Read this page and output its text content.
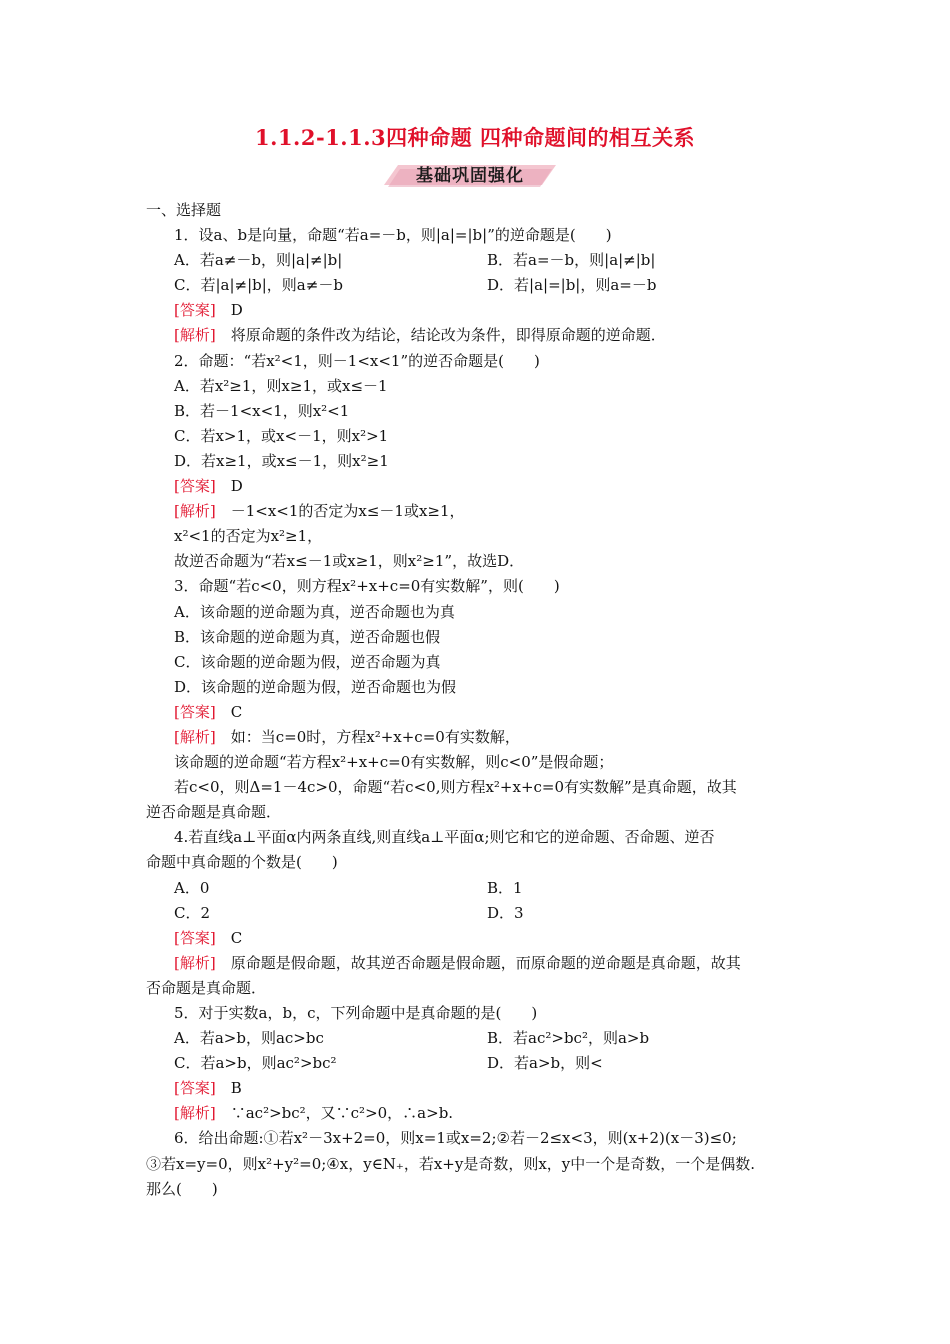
1.1.2-1.1.3四种命题 四种命题间的相互关系
基础巩固强化
一、选择题
1．设a、b是向量，命题“若a=－b，则|a|=|b|”的逆命题是(　　)
A．若a≠－b，则|a|≠|b|	B．若a=－b，则|a|≠|b|
C．若|a|≠|b|，则a≠－b	D．若|a|=|b|，则a=－b
[答案]　D
[解析]　将原命题的条件改为结论，结论改为条件，即得原命题的逆命题．
2．命题：“若x²<1，则－1<x<1”的逆否命题是(　　)
A．若x²≥1，则x≥1，或x≤－1
B．若－1<x<1，则x²<1
C．若x>1，或x<－1，则x²>1
D．若x≥1，或x≤－1，则x²≥1
[答案]　D
[解析]　－1<x<1的否定为x≤－1或x≥1，
x²<1的否定为x²≥1，
故逆否命题为“若x≤－1或x≥1，则x²≥1”，故选D．
3．命题“若c<0，则方程x²+x+c=0有实数解”，则(　　)
A．该命题的逆命题为真，逆否命题也为真
B．该命题的逆命题为真，逆否命题也假
C．该命题的逆命题为假，逆否命题为真
D．该命题的逆命题为假，逆否命题也为假
[答案]　C
[解析]　如：当c=0时，方程x²+x+c=0有实数解，
该命题的逆命题“若方程x²+x+c=0有实数解，则c<0”是假命题；
若c<0，则Δ=1－4c>0，命题“若c<0,则方程x²+x+c=0有实数解”是真命题，故其
逆否命题是真命题．
4.若直线a⊥平面α内两条直线,则直线a⊥平面α;则它和它的逆命题、否命题、逆否
命题中真命题的个数是(　　)
A．0	B．1
C．2	D．3
[答案]　C
[解析]　原命题是假命题，故其逆否命题是假命题，而原命题的逆命题是真命题，故其
否命题是真命题．
5．对于实数a，b，c，下列命题中是真命题的是(　　)
A．若a>b，则ac>bc	B．若ac²>bc²，则a>b
C．若a>b，则ac²>bc²	D．若a>b，则<
[答案]　B
[解析]　∵ac²>bc²，又∵c²>0，∴a>b.
6．给出命题:①若x²－3x+2=0，则x=1或x=2;②若－2≤x<3，则(x+2)(x－3)≤0;
③若x=y=0，则x²+y²=0;④x，y∈N₊，若x+y是奇数，则x，y中一个是奇数，一个是偶数.
那么(　　)
